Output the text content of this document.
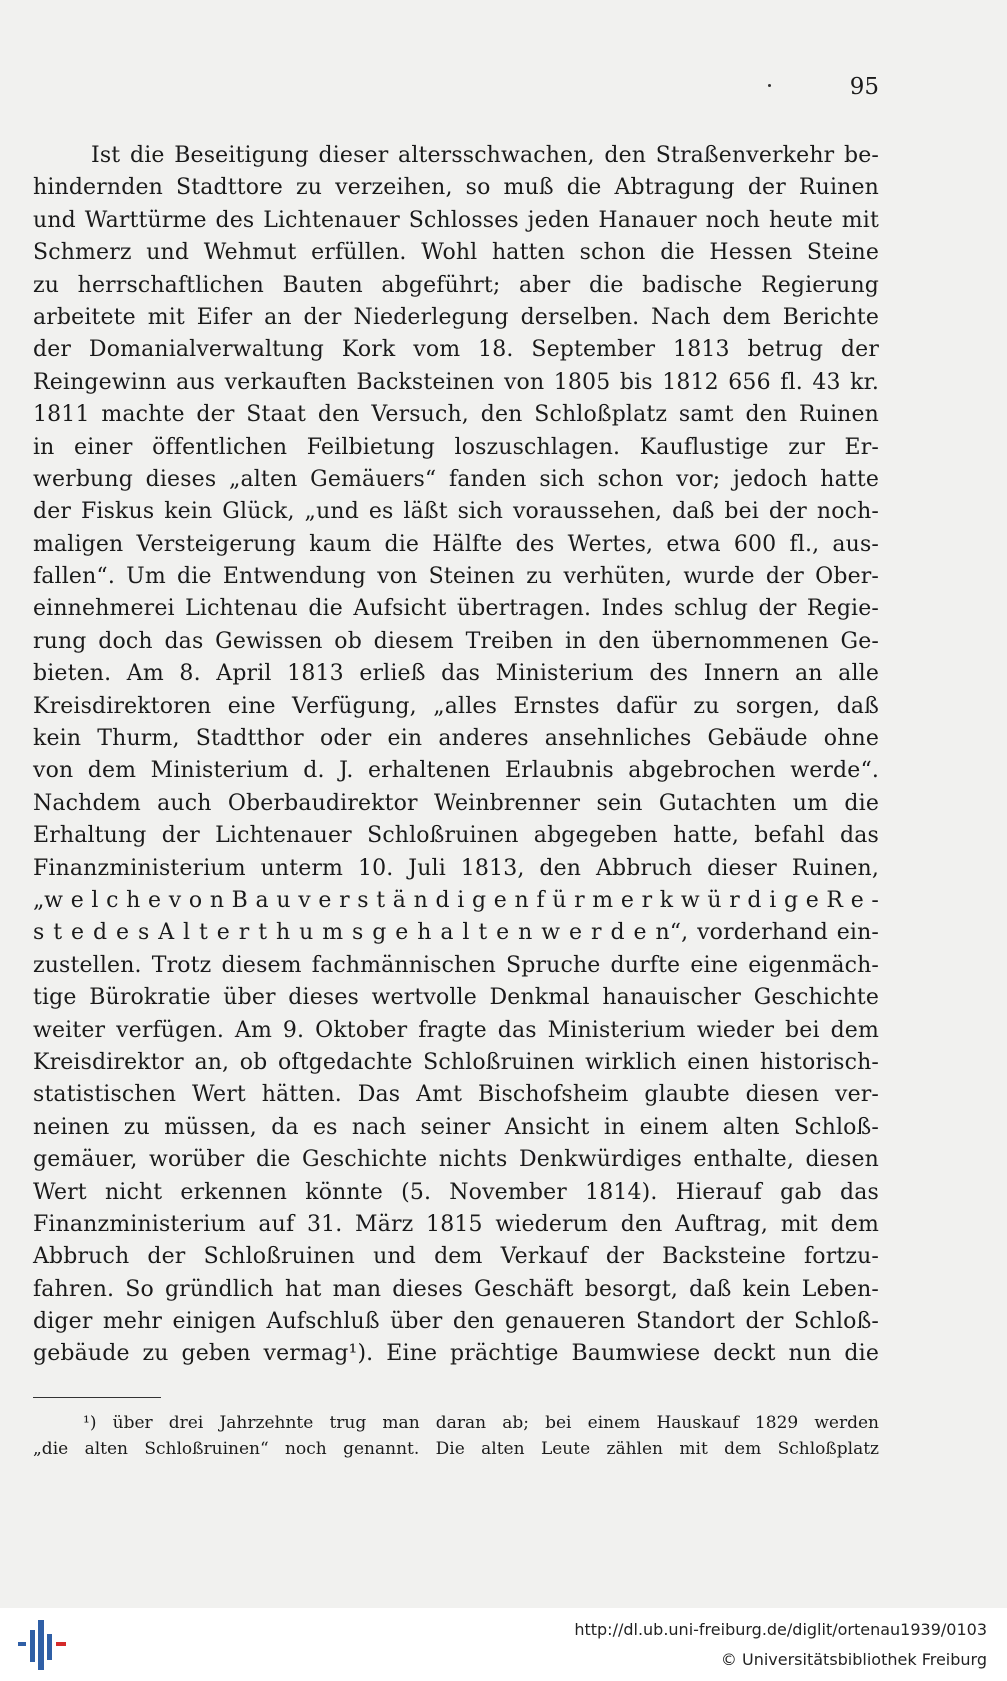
95
Ist die Beseitigung dieser altersschwachen, den Straßenverkehr be-
hindernden Stadttore zu verzeihen, so muß die Abtragung der Ruinen
und Warttürme des Lichtenauer Schlosses jeden Hanauer noch heute mit
Schmerz und Wehmut erfüllen. Wohl hatten schon die Hessen Steine
zu herrschaftlichen Bauten abgeführt; aber die badische Regierung
arbeitete mit Eifer an der Niederlegung derselben. Nach dem Berichte
der Domanialverwaltung Kork vom 18. September 1813 betrug der
Reingewinn aus verkauften Backsteinen von 1805 bis 1812 656 fl. 43 kr.
1811 machte der Staat den Versuch, den Schloßplatz samt den Ruinen
in einer öffentlichen Feilbietung loszuschlagen. Kauflustige zur Er-
werbung dieses „alten Gemäuers“ fanden sich schon vor; jedoch hatte
der Fiskus kein Glück, „und es läßt sich voraussehen, daß bei der noch-
maligen Versteigerung kaum die Hälfte des Wertes, etwa 600 fl., aus-
fallen“. Um die Entwendung von Steinen zu verhüten, wurde der Ober-
einnehmerei Lichtenau die Aufsicht übertragen. Indes schlug der Regie-
rung doch das Gewissen ob diesem Treiben in den übernommenen Ge-
bieten. Am 8. April 1813 erließ das Ministerium des Innern an alle
Kreisdirektoren eine Verfügung, „alles Ernstes dafür zu sorgen, daß
kein Thurm, Stadtthor oder ein anderes ansehnliches Gebäude ohne
von dem Ministerium d. J. erhaltenen Erlaubnis abgebrochen werde“.
Nachdem auch Oberbaudirektor Weinbrenner sein Gutachten um die
Erhaltung der Lichtenauer Schloßruinen abgegeben hatte, befahl das
Finanzministerium unterm 10. Juli 1813, den Abbruch dieser Ruinen,
„w e l c h e v o n B a u v e r s t ä n d i g e n f ü r m e r k w ü r d i g e R e -
s t e d e s A l t e r t h u m s g e h a l t e n w e r d e n“, vorderhand ein-
zustellen. Trotz diesem fachmännischen Spruche durfte eine eigenmäch-
tige Bürokratie über dieses wertvolle Denkmal hanauischer Geschichte
weiter verfügen. Am 9. Oktober fragte das Ministerium wieder bei dem
Kreisdirektor an, ob oftgedachte Schloßruinen wirklich einen historisch-
statistischen Wert hätten. Das Amt Bischofsheim glaubte diesen ver-
neinen zu müssen, da es nach seiner Ansicht in einem alten Schloß-
gemäuer, worüber die Geschichte nichts Denkwürdiges enthalte, diesen
Wert nicht erkennen könnte (5. November 1814). Hierauf gab das
Finanzministerium auf 31. März 1815 wiederum den Auftrag, mit dem
Abbruch der Schloßruinen und dem Verkauf der Backsteine fortzu-
fahren. So gründlich hat man dieses Geschäft besorgt, daß kein Leben-
diger mehr einigen Aufschluß über den genaueren Standort der Schloß-
gebäude zu geben vermag¹). Eine prächtige Baumwiese deckt nun die
¹) über drei Jahrzehnte trug man daran ab; bei einem Hauskauf 1829 werden
„die alten Schloßruinen“ noch genannt. Die alten Leute zählen mit dem Schloßplatz
http://dl.ub.uni-freiburg.de/diglit/ortenau1939/0103
© Universitätsbibliothek Freiburg
